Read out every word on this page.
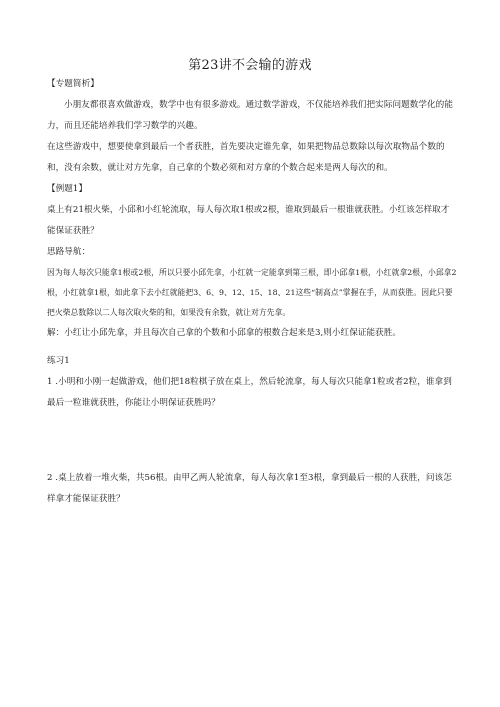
第23讲不会输的游戏

【专题简析】

小朋友都很喜欢做游戏，数学中也有很多游戏。通过数学游戏，不仅能培养我们把实际问题数学化的能力，而且还能培养我们学习数学的兴趣。

在这些游戏中，想要使拿到最后一个者获胜，首先要决定谁先拿，如果把物品总数除以每次取物品个数的和，没有余数，就让对方先拿，自己拿的个数必须和对方拿的个数合起来是两人每次的和。

【例题1】

桌上有21根火柴，小邱和小红轮流取，每人每次取1根或2根，谁取到最后一根谁就获胜。小红该怎样取才能保证获胜？

思路导航：

因为每人每次只能拿1根或2根，所以只要小邱先拿，小红就一定能拿到第三根，即小邱拿1根，小红就拿2根，小邱拿2根，小红就拿1根，如此拿下去小红就能把3、6、9、12、15、18、21这些“制高点”掌握在手，从而获胜。因此只要把火柴总数除以二人每次取火柴的和，如果没有余数，就让对方先拿。

解：小红让小邱先拿，并且每次自己拿的个数和小邱拿的根数合起来是3,则小红保证能获胜。

练习1

1 .小明和小刚一起做游戏，他们把18粒棋子放在桌上，然后轮流拿，每人每次只能拿1粒或者2粒，谁拿到最后一粒谁就获胜，你能让小明保证获胜吗？

2 .桌上放着一堆火柴，共56根。由甲乙两人轮流拿，每人每次拿1至3根，拿到最后一根的人获胜，问该怎样拿才能保证获胜？
